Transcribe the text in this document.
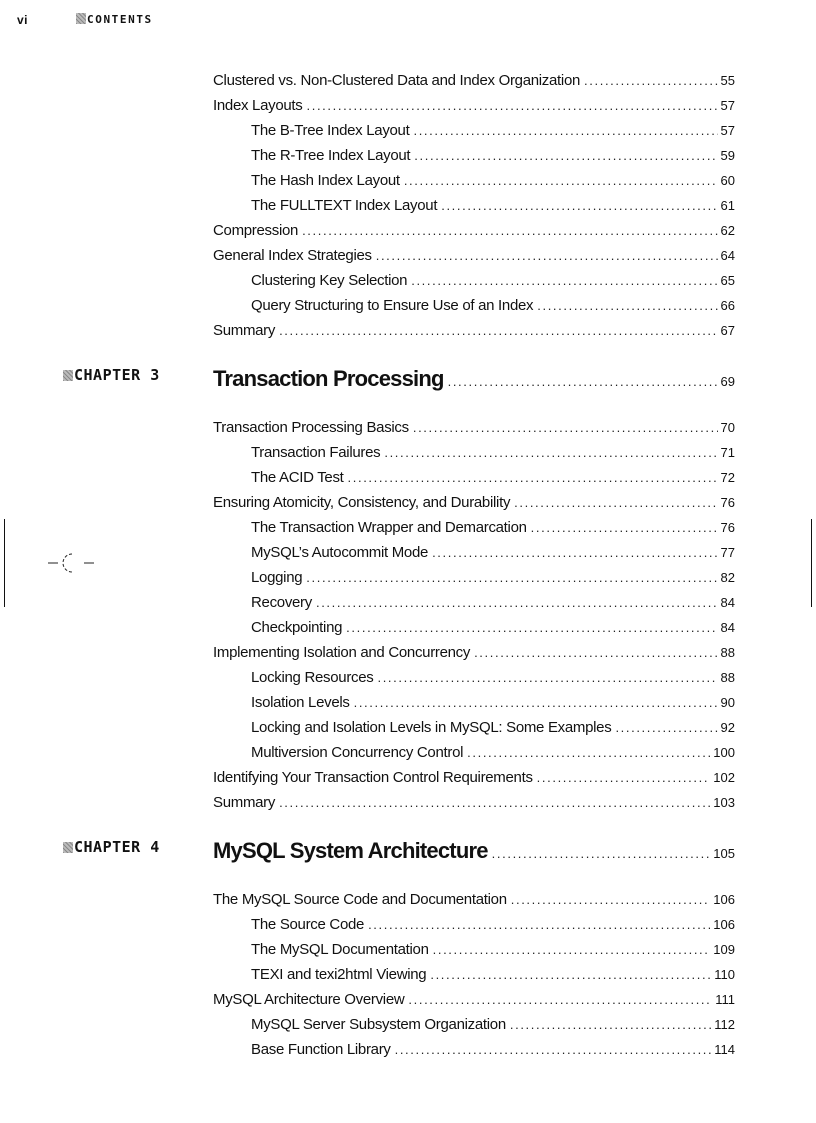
vi	CONTENTS
Clustered vs. Non-Clustered Data and Index Organization . . .	55
Index Layouts . . .	57
The B-Tree Index Layout . . .	57
The R-Tree Index Layout . . .	59
The Hash Index Layout . . .	60
The FULLTEXT Index Layout . . .	61
Compression . . .	62
General Index Strategies . . .	64
Clustering Key Selection . . .	65
Query Structuring to Ensure Use of an Index . . .	66
Summary . . .	67
CHAPTER 3 Transaction Processing . . .	69
Transaction Processing Basics . . .	70
Transaction Failures . . .	71
The ACID Test . . .	72
Ensuring Atomicity, Consistency, and Durability . . .	76
The Transaction Wrapper and Demarcation . . .	76
MySQL’s Autocommit Mode . . .	77
Logging . . .	82
Recovery . . .	84
Checkpointing . . .	84
Implementing Isolation and Concurrency . . .	88
Locking Resources . . .	88
Isolation Levels . . .	90
Locking and Isolation Levels in MySQL: Some Examples . . .	92
Multiversion Concurrency Control . . .	100
Identifying Your Transaction Control Requirements . . .	102
Summary . . .	103
CHAPTER 4 MySQL System Architecture . . .	105
The MySQL Source Code and Documentation . . .	106
The Source Code . . .	106
The MySQL Documentation . . .	109
TEXI and texi2html Viewing . . .	110
MySQL Architecture Overview . . .	111
MySQL Server Subsystem Organization . . .	112
Base Function Library . . .	114
